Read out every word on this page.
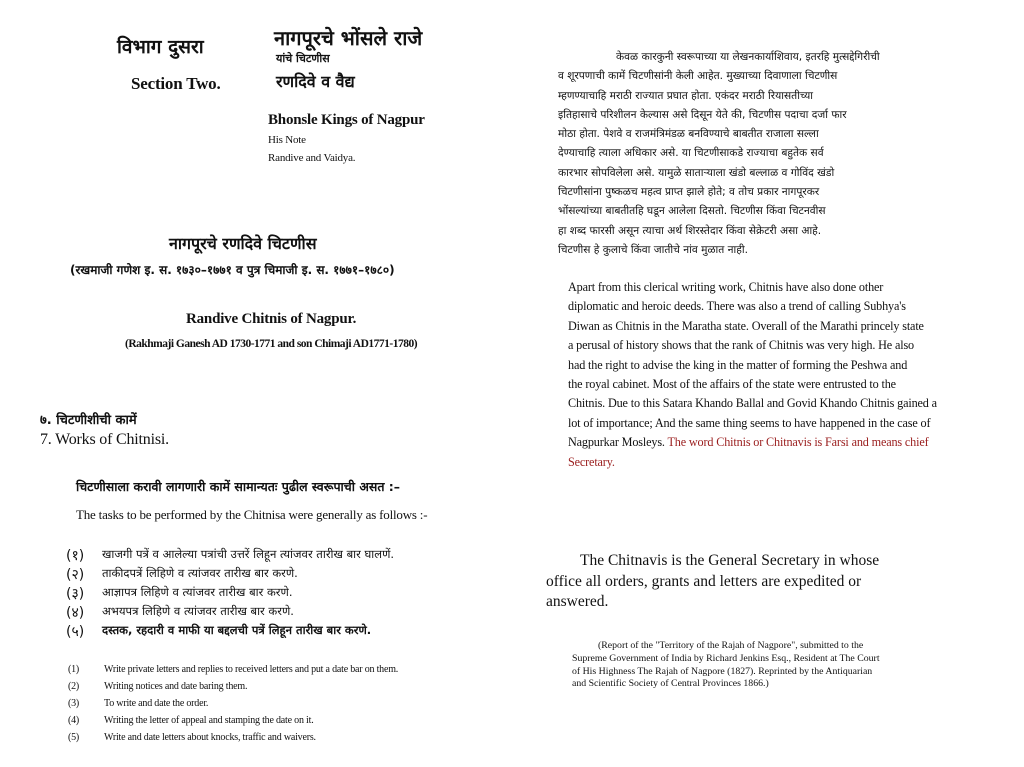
विभाग दुसरा
Section Two.
नागपूरचे भोंसले राजे
यांचे चिटणीस
रणदिवे व वैद्य
Bhonsle Kings of Nagpur
His Note
Randive and Vaidya.
नागपूरचे रणदिवे चिटणीस
(रखमाजी गणेश इ. स. १७३०–१७७१ व पुत्र चिमाजी इ. स. १७७१–१७८०)
Randive Chitnis of Nagpur.
(Rakhmaji Ganesh AD 1730-1771 and son Chimaji AD1771-1780)
७. चिटणीशीची कामें
7. Works of Chitnisi.
चिटणीसाला करावी लागणारी कामें सामान्यतः पुढील स्वरूपाची असत :–
The tasks to be performed by the Chitnisa were generally as follows :-
(१) खाजगी पत्रें व आलेल्या पत्रांची उत्तरें लिहून त्यांजवर तारीख बार घालणें.
(२) ताकीदपत्रें लिहिणे व त्यांजवर तारीख बार करणे.
(३) आज्ञापत्र लिहिणे व त्यांजवर तारीख बार करणे.
(४) अभयपत्र लिहिणे व त्यांजवर तारीख बार करणे.
(५) दस्तक, रहदारी व माफी या बद्दलची पत्रें लिहून तारीख बार करणे.
(1) Write private letters and replies to received letters and put a date bar on them.
(2) Writing notices and date baring them.
(3) To write and date the order.
(4) Writing the letter of appeal and stamping the date on it.
(5) Write and date letters about knocks, traffic and waivers.
केवळ कारकुनी स्वरूपाच्या या लेखनकार्याशिवाय, इतरहि मुत्सद्देगिरीची
व शूरपणाची कामें चिटणीसांनी केली आहेत. मुख्याच्या दिवाणाला चिटणीस
म्हणण्याचाहि मराठी राज्यात प्रघात होता. एकंदर मराठी रियासतीच्या
इतिहासाचे परिशीलन केल्यास असे दिसून येते की, चिटणीस पदाचा दर्जा फार
मोठा होता. पेशवे व राजमंत्रिमंडळ बनविण्याचे बाबतीत राजाला सल्ला
देण्याचाहि त्याला अधिकार असे. या चिटणीसाकडे राज्याचा बहुतेक सर्व
कारभार सोपविलेला असे. यामुळे साताऱ्याला खंडो बल्लाळ व गोविंद खंडो
चिटणीसांना पुष्कळच महत्व प्राप्त झाले होते; व तोच प्रकार नागपूरकर
भोंसल्यांच्या बाबतीतहि घडून आलेला दिसतो. चिटणीस किंवा चिटनवीस
हा शब्द फारसी असून त्याचा अर्थ शिरस्तेदार किंवा सेक्रेटरी असा आहे.
चिटणीस हे कुलाचे किंवा जातीचे नांव मुळात नाही.
Apart from this clerical writing work, Chitnis have also done other
diplomatic and heroic deeds. There was also a trend of calling Subhya's
Diwan as Chitnis in the Maratha state. Overall of the Marathi princely state
a perusal of history shows that the rank of Chitnis was very high. He also
had the right to advise the king in the matter of forming the Peshwa and
the royal cabinet. Most of the affairs of the state were entrusted to the
Chitnis. Due to this Satara Khando Ballal and Govid Khando Chitnis gained a
lot of importance; And the same thing seems to have happened in the case of
Nagpurkar Mosleys. The word Chitnis or Chitnavis is Farsi and means chief
Secretary.
The Chitnavis is the General Secretary in whose
office all orders, grants and letters are expedited or
answered.
(Report of the "Territory of the Rajah of Nagpore", submitted to the
Supreme Government of India by Richard Jenkins Esq., Resident at The Court
of His Highness The Rajah of Nagpore (1827). Reprinted by the Antiquarian
and Scientific Society of Central Provinces 1866.)
